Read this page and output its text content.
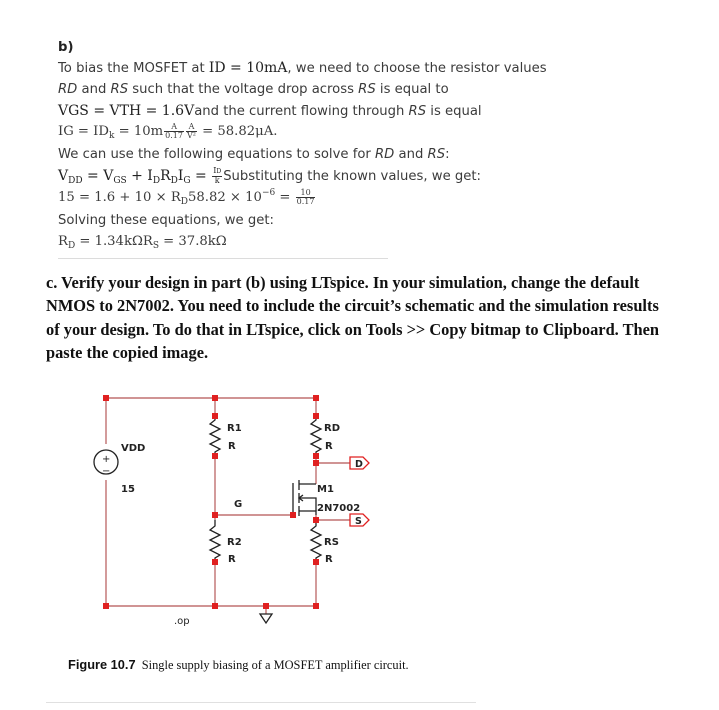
b)
To bias the MOSFET at ID = 10mA, we need to choose the resistor values
RD and RS such that the voltage drop across RS is equal to
VGS = VTH = 1.6Vand the current flowing through RS is equal
IG = $ID_k = 10m \frac{A}{0.17} \frac{A}{\text{V²}} = 58.82\mu A$.
We can use the following equations to solve for RD and RS:
$V_{DD} = V_{GS} + I_DR_DI_G = \frac{ID}{k}$ Substituting the known values, we get:
$15 = 1.6 + 10 \times R_D58.82 \times 10^{-6} = \frac{10}{0.17}$
Solving these equations, we get:
$R_D = 1.34k\Omega R_S = 37.8k\Omega$
c. Verify your design in part (b) using LTspice. In your simulation, change the default NMOS to 2N7002. You need to include the circuit’s schematic and the simulation results of your design. To do that in LTspice, click on Tools >> Copy bitmap to Clipboard. Then paste the copied image.
+
−
D
S
VDD
15
R1
R
R2
R
RD
R
RS
R
G
M1
2N7002
.op
Figure 10.7 Single supply biasing of a MOSFET amplifier circuit.
